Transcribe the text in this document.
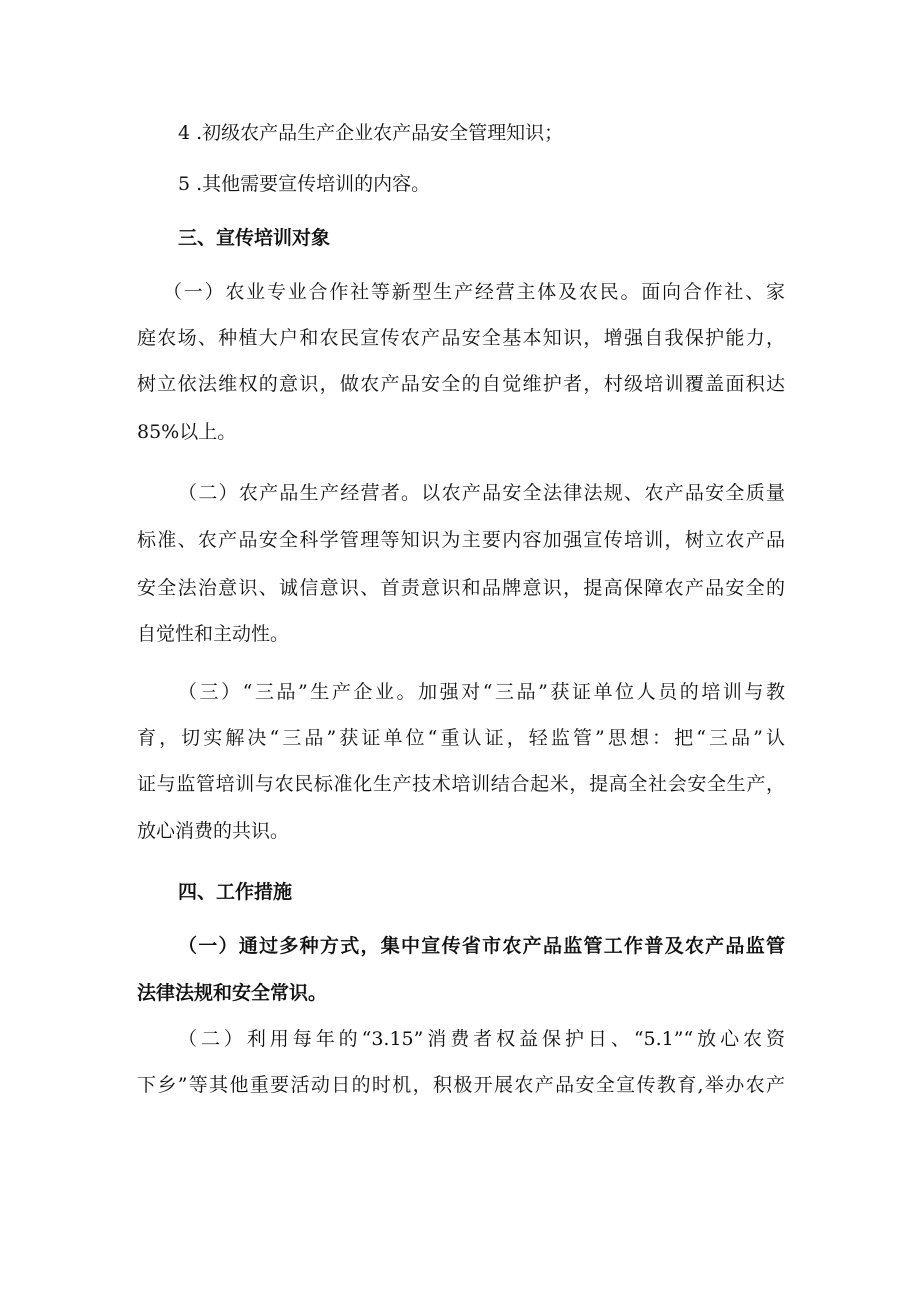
4 .初级农产品生产企业农产品安全管理知识；
5 .其他需要宣传培训的内容。
三、宣传培训对象
（一）农业专业合作社等新型生产经营主体及农民。面向合作社、家
庭农场、种植大户和农民宣传农产品安全基本知识，增强自我保护能力，
树立依法维权的意识，做农产品安全的自觉维护者，村级培训覆盖面积达
85%以上。
（二）农产品生产经营者。以农产品安全法律法规、农产品安全质量
标准、农产品安全科学管理等知识为主要内容加强宣传培训，树立农产品
安全法治意识、诚信意识、首责意识和品牌意识，提高保障农产品安全的
自觉性和主动性。
（三）“三品”生产企业。加强对“三品”获证单位人员的培训与教
育，切实解决“三品”获证单位“重认证，轻监管”思想：把“三品”认
证与监管培训与农民标准化生产技术培训结合起米，提高全社会安全生产，
放心消费的共识。
四、工作措施
（一）通过多种方式，集中宣传省市农产品监管工作普及农产品监管
法律法规和安全常识。
（二）利用每年的“3.15”消费者权益保护日、“5.1”“放心农资
下乡”等其他重要活动日的时机，积极开展农产品安全宣传教育,举办农产
